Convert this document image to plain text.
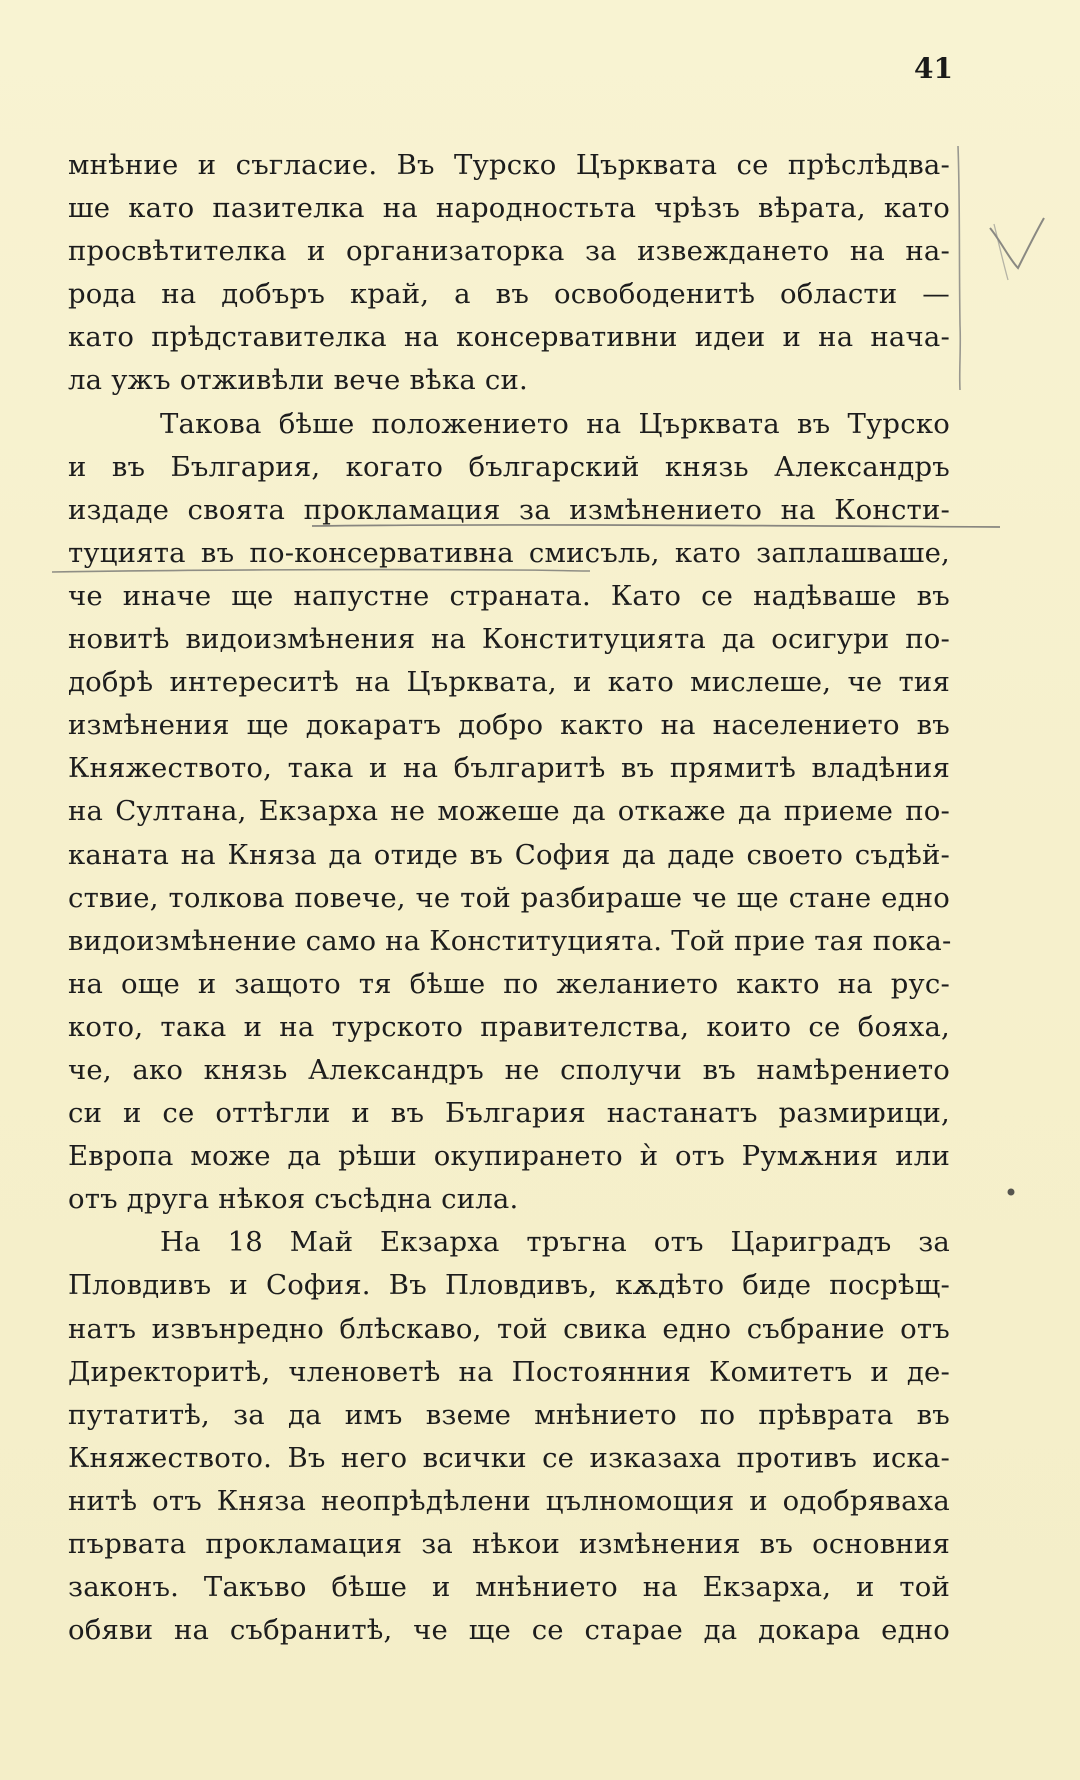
41
мнѣние и съгласие. Въ Турско Църквата се прѣслѣдва-
ше като пазителка на народностьта чрѣзъ вѣрата, като
просвѣтителка и организаторка за извеждането на на-
рода на добъръ край, а въ освободенитѣ области —
като прѣдставителка на консервативни идеи и на нача-
ла ужъ отживѣли вече вѣка си.
Такова бѣше положението на Църквата въ Турско
и въ България, когато българский князь Александръ
издаде своята прокламация за измѣнението на Консти-
туцията въ по-консервативна смисъль, като заплашваше,
че иначе ще напустне страната. Като се надѣваше въ
новитѣ видоизмѣнения на Конституцията да осигури по-
добрѣ интереситѣ на Църквата, и като мислеше, че тия
измѣнения ще докаратъ добро както на населението въ
Княжеството, така и на българитѣ въ прямитѣ владѣния
на Султана, Екзарха не можеше да откаже да приеме по-
каната на Княза да отиде въ София да даде своето съдѣй-
ствие, толкова повече, че той разбираше че ще стане едно
видоизмѣнение само на Конституцията. Той прие тая пока-
на още и защото тя бѣше по желанието както на рус-
кото, така и на турското правителства, които се бояха,
че, ако князь Александръ не сполучи въ намѣрението
си и се оттѣгли и въ България настанатъ размирици,
Европа може да рѣши окупирането ѝ отъ Румѫния или
отъ друга нѣкоя съсѣдна сила.
На 18 Май Екзарха тръгна отъ Цариградъ за
Пловдивъ и София. Въ Пловдивъ, кѫдѣто биде посрѣщ-
натъ извънредно блѣскаво, той свика едно събрание отъ
Директоритѣ, членоветѣ на Постоянния Комитетъ и де-
путатитѣ, за да имъ вземе мнѣнието по прѣврата въ
Княжеството. Въ него всички се изказаха противъ иска-
нитѣ отъ Княза неопрѣдѣлени цълномощия и одобряваха
първата прокламация за нѣкои измѣнения въ основния
законъ. Такъво бѣше и мнѣнието на Екзарха, и той
обяви на събранитѣ, че ще се старае да докара едно
